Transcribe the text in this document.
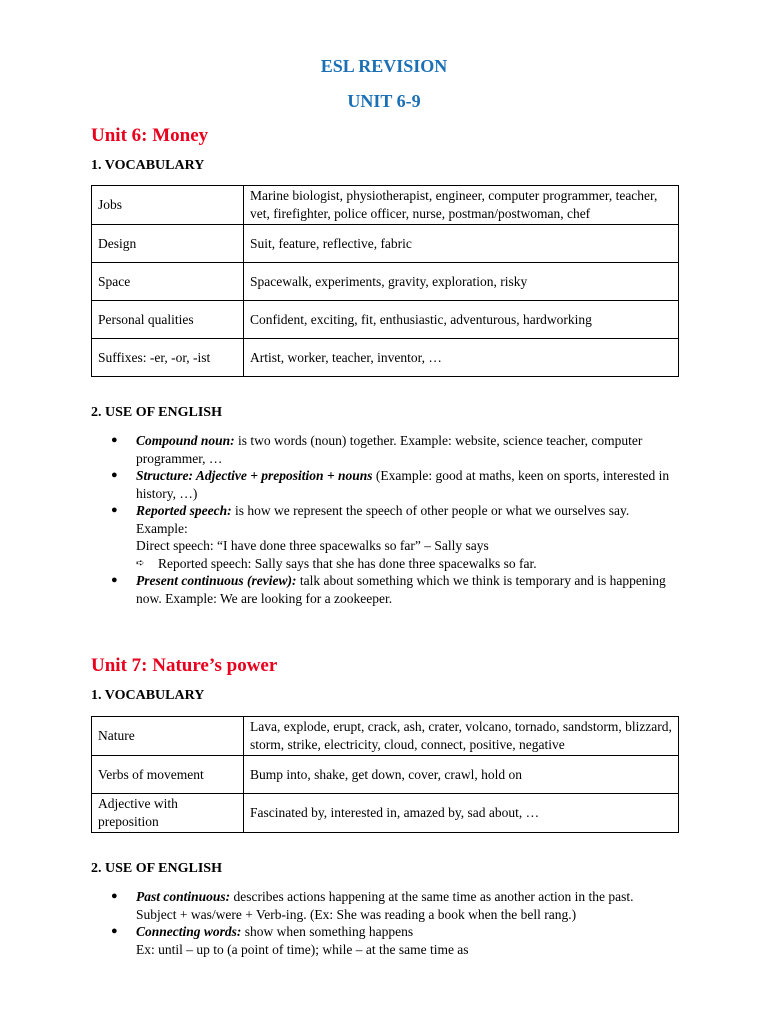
ESL REVISION
UNIT 6-9
Unit 6: Money
1. VOCABULARY
Jobs	Marine biologist, physiotherapist, engineer, computer programmer, teacher, vet, firefighter, police officer, nurse, postman/postwoman, chef
Design	Suit, feature, reflective, fabric
Space	Spacewalk, experiments, gravity, exploration, risky
Personal qualities	Confident, exciting, fit, enthusiastic, adventurous, hardworking
Suffixes: -er, -or, -ist	Artist, worker, teacher, inventor, …
2. USE OF ENGLISH
● Compound noun: is two words (noun) together. Example: website, science teacher, computer programmer, …
● Structure: Adjective + preposition + nouns (Example: good at maths, keen on sports, interested in history, …)
● Reported speech: is how we represent the speech of other people or what we ourselves say.
Example:
Direct speech: “I have done three spacewalks so far” – Sally says
➪ Reported speech: Sally says that she has done three spacewalks so far.
● Present continuous (review): talk about something which we think is temporary and is happening now. Example: We are looking for a zookeeper.
Unit 7: Nature’s power
1. VOCABULARY
Nature	Lava, explode, erupt, crack, ash, crater, volcano, tornado, sandstorm, blizzard, storm, strike, electricity, cloud, connect, positive, negative
Verbs of movement	Bump into, shake, get down, cover, crawl, hold on
Adjective with preposition	Fascinated by, interested in, amazed by, sad about, …
2. USE OF ENGLISH
● Past continuous: describes actions happening at the same time as another action in the past.
Subject + was/were + Verb-ing. (Ex: She was reading a book when the bell rang.)
● Connecting words: show when something happens
Ex: until – up to (a point of time); while – at the same time as
